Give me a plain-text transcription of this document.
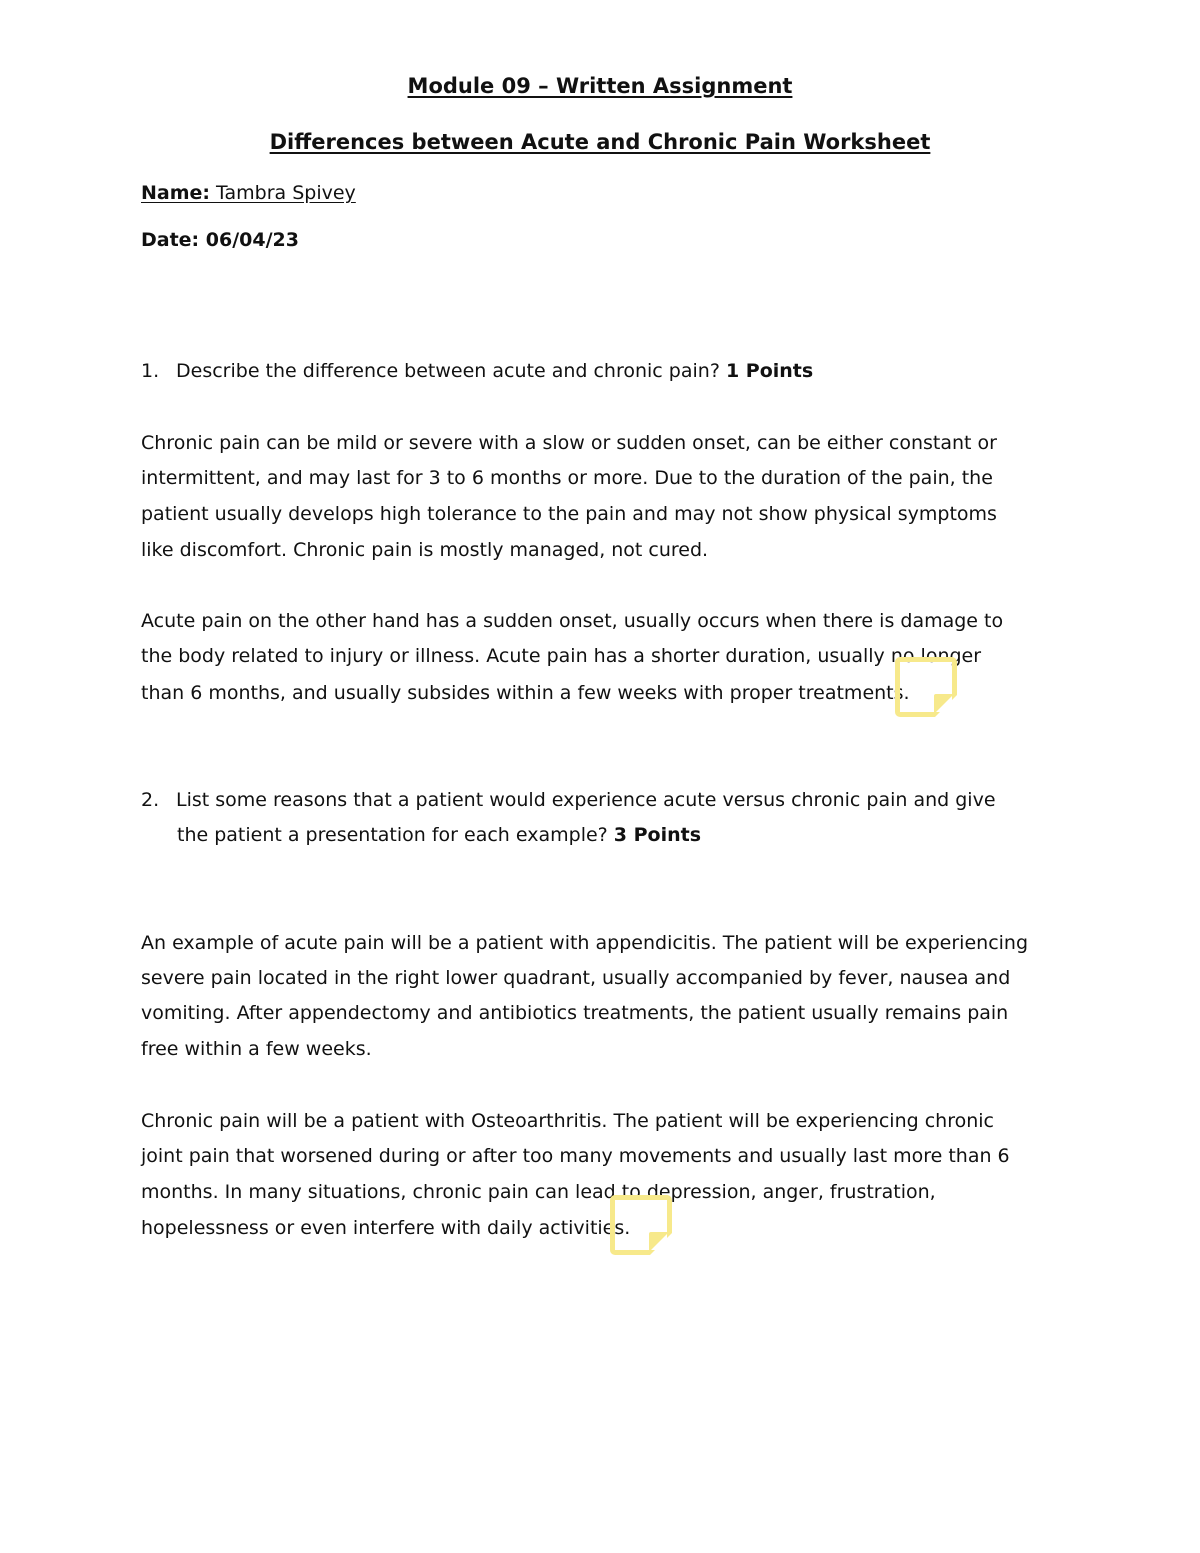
Module 09 – Written Assignment
Differences between Acute and Chronic Pain Worksheet
Name: Tambra Spivey
Date: 06/04/23
1. Describe the difference between acute and chronic pain? 1 Points
Chronic pain can be mild or severe with a slow or sudden onset, can be either constant or
intermittent, and may last for 3 to 6 months or more. Due to the duration of the pain, the
patient usually develops high tolerance to the pain and may not show physical symptoms
like discomfort. Chronic pain is mostly managed, not cured.
Acute pain on the other hand has a sudden onset, usually occurs when there is damage to
the body related to injury or illness. Acute pain has a shorter duration, usually no longer
than 6 months, and usually subsides within a few weeks with proper treatments.
2. List some reasons that a patient would experience acute versus chronic pain and give
the patient a presentation for each example? 3 Points
An example of acute pain will be a patient with appendicitis. The patient will be experiencing
severe pain located in the right lower quadrant, usually accompanied by fever, nausea and
vomiting. After appendectomy and antibiotics treatments, the patient usually remains pain
free within a few weeks.
Chronic pain will be a patient with Osteoarthritis. The patient will be experiencing chronic
joint pain that worsened during or after too many movements and usually last more than 6
months. In many situations, chronic pain can lead to depression, anger, frustration,
hopelessness or even interfere with daily activities.
